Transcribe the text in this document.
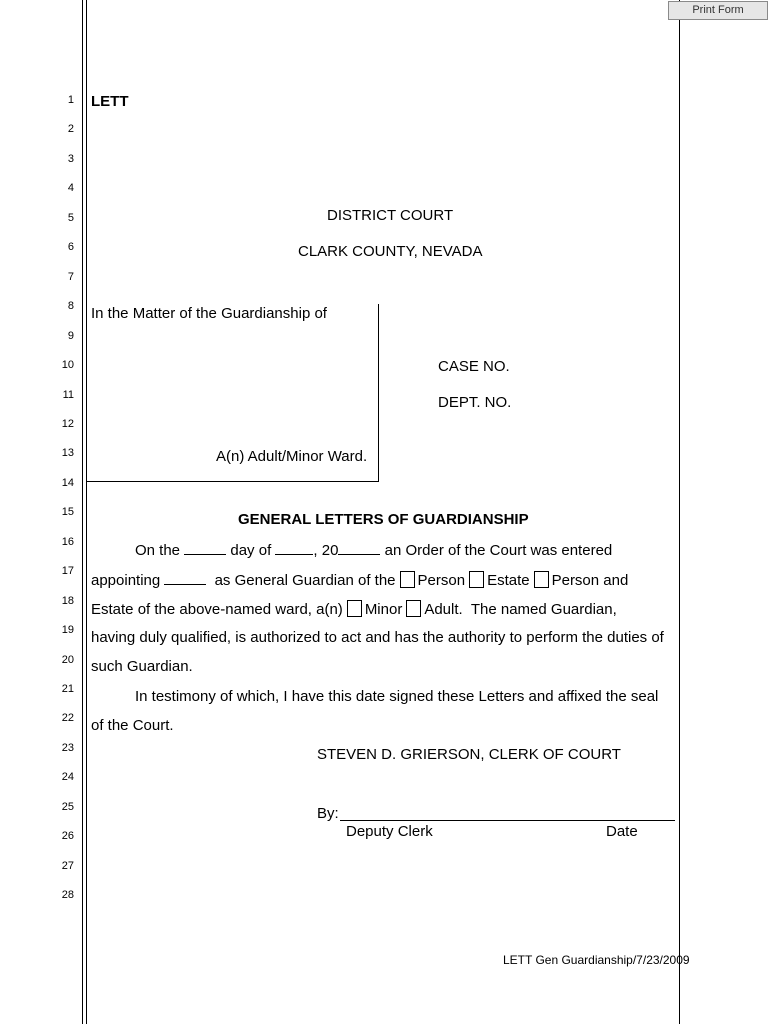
Print Form
1
2
3
4
5
6
7
8
9
10
11
12
13
14
15
16
17
18
19
20
21
22
23
24
25
26
27
28
LETT
DISTRICT COURT
CLARK COUNTY, NEVADA
In the Matter of the Guardianship of
A(n) Adult/Minor Ward.
CASE NO.
DEPT. NO.
GENERAL LETTERS OF GUARDIANSHIP
On the	day of	, 20	an Order of the Court was entered
appointing	as General Guardian of the Person Estate Person and
Estate of the above-named ward, a(n) Minor Adult. The named Guardian,
having duly qualified, is authorized to act and has the authority to perform the duties of
such Guardian.
In testimony of which, I have this date signed these Letters and affixed the seal
of the Court.
STEVEN D. GRIERSON, CLERK OF COURT
By:
Deputy Clerk	Date
LETT Gen Guardianship/7/23/2009
